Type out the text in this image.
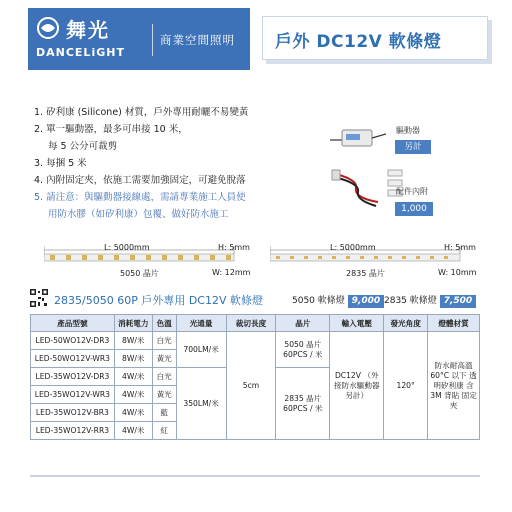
舞光
DANCELiGHT
商業空間照明 戶外 DC12V 軟條燈
1. 矽利康 (Silicone) 材質，戶外專用耐曬不易變黃
2. 單一驅動器，最多可串接 10 米，
每 5 公分可裁剪
3. 每捆 5 米
4. 內附固定夾，依施工需要加強固定，可避免脫落
5. 請注意：與驅動器接線處，需請專業施工人員使
用防水膠（如矽利康）包覆、做好防水施工
驅動器
另計
配件內附
1,000
L: 5000mm	H: 5mm
5050 晶片	W: 12mm
L: 5000mm	H: 5mm
2835 晶片	W: 10mm
2835/5050 60P 戶外專用 DC12V 軟條燈	5050 軟條燈 9,000 2835 軟條燈 7,500
產品型號	消耗電力	色溫	光通量	裁切長度	晶片	輸入電壓	發光角度	燈體材質
LED-50WO12V-DR3	8W/米	白光	700LM/米	5cm	5050 晶片 60PCS / 米	DC12V （外接防水驅動器另計）	120°	防水耐高溫 60°C 以下 透明矽利康 含 3M 背貼 固定夾
LED-50WO12V-WR3	8W/米	黃光						
LED-35WO12V-DR3	4W/米	白光	350LM/米		2835 晶片 60PCS / 米			
LED-35WO12V-WR3	4W/米	黃光						
LED-35WO12V-BR3	4W/米	藍						
LED-35WO12V-RR3	4W/米	紅						
